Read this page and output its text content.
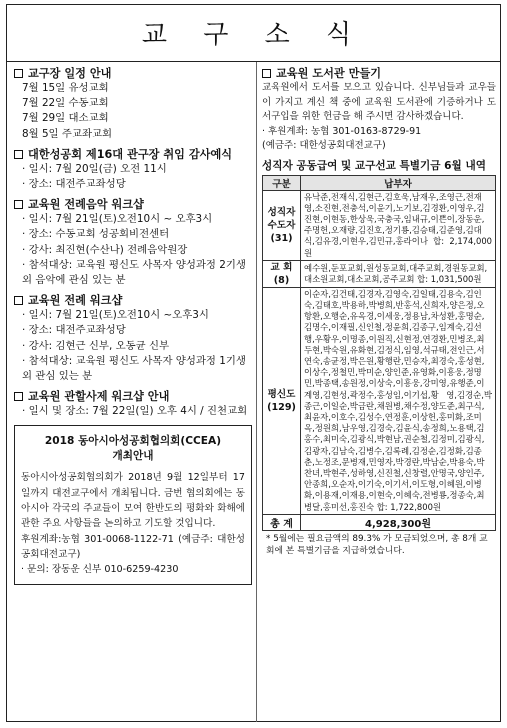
교 구 소 식
교구장 일정 안내
7월 15일 유성교회
7월 22일 수동교회
7월 29일 대소교회
8월 5일 주교좌교회
대한성공회 제16대 관구장 취임 감사예식
· 일시: 7월 20일(금) 오전 11시
· 장소: 대전주교좌성당
교육원 전례음악 워크샵
· 일시: 7월 21일(토)오전10시 ~ 오후3시
· 장소: 수동교회 성공회비전센터
· 강사: 최진현(수산나) 전례음악원장
· 참석대상: 교육원 평신도 사목자 양성과정 2기생 외 음악에 관심 있는 분
교육원 전례 워크샵
· 일시: 7월 21일(토)오전10시 ~오후3시
· 장소: 대전주교좌성당
· 강사: 김현근 신부, 오동균 신부
· 참석대상: 교육원 평신도 사목자 양성과정 1기생 외 관심 있는 분
교육원 관할사제 워크샵 안내
· 일시 및 장소: 7월 22일(일) 오후 4시 / 진천교회
2018 동아시아성공회협의회(CCEA)
개최안내
동아시아성공회협의회가 2018년 9월 12일부터 17일까지 대전교구에서 개최됩니다. 금번 협의회에는 동아시아 각국의 주교들이 모여 한반도의 평화와 화해에 관한 주요 사항들을 논의하고 기도할 것입니다.
후원계좌:농협 301-0068-1122-71 (예금주: 대한성공회대전교구)
· 문의: 장동운 신부 010-6259-4230
교육원 도서관 만들기
교육원에서 도서를 모으고 있습니다. 신부님들과 교우들이 가지고 계신 책 중에 교육원 도서관에 기증하거나 도서구입을 위한 헌금을 해 주시면 감사하겠습니다.
· 후원계좌: 농협 301-0163-8729-91
(예금주: 대한성공회대전교구)
성직자 공동급여 및 교구선교 특별기금 6월 내역
구분	납부자
성직자 수도자 (31)	유낙준,전재식,김현근,김호욱,남재우,조영근,전재영,소진현,전충석,이윤기,노기보,김경환,이영우,김진현,이현동,한상욱,국충국,임내규,이쁜이,장동운,주명헌,오재량,김진호,정기룡,김승태,김준영,김대식,김유경,이현우,김민규,홍라이나 합: 2,174,000원
교 회 (8)	예수원,둔포교회,원성동교회,대주교회,경원동교회,대소원교회,대소교회,공주교회 합: 1,031,500원
평신도 (129)	이순자,김건태,김경자,김영숙,김일태,김용숙,김인숙,김태호,박용하,박병희,반홍석,신희자,양은정,오항환,오행순,유옥경,이세웅,정용남,차성환,홍명순,김명수,이재필,신인철,정윤희,김종구,임계숙,김선행,우황우,이명종,이원직,신현정,연경환,민병조,최두현,박숙원,유화현,김정식,임영,석규태,전인근,서연숙,송균정,박은원,황행란,민승자,최경숙,홍성현,이상수,정철민,박미순,양인준,유영화,이흥웅,정명민,박종택,송원정,이상숙,이흥웅,강미영,유행준,이계영,김현성,곽정수,홍성임,이기섭,황 영,김경순,박종근,이일순,박금란,채원병,채수정,양도준,최구식,최윤자,이호수,김성수,연정훈,이상헌,홍미화,조미옥,정원희,남우영,김경숙,김윤식,송정희,노용택,김홍수,최미숙,김광식,박현남,권순철,김정미,김광식,김광자,김남숙,김병수,김록례,김정순,김정화,김종춘,노정조,문병재,민영자,박경란,박남순,박용숙,박찬녀,박현주,성하영,신진철,신창렬,안명국,양인주,안종희,오순자,이기숙,이기서,이도형,이혜원,이병화,이용재,이재용,이현숙,이혜숙,전병룡,정종숙,최병달,홍미선,홍진숙 합: 1,722,800원
총 계	4,928,300원
* 5월에는 필요금액의 89.3% 가 모금되었으며, 총 8개 교회에 본 특별기금을 지급하였습니다.
